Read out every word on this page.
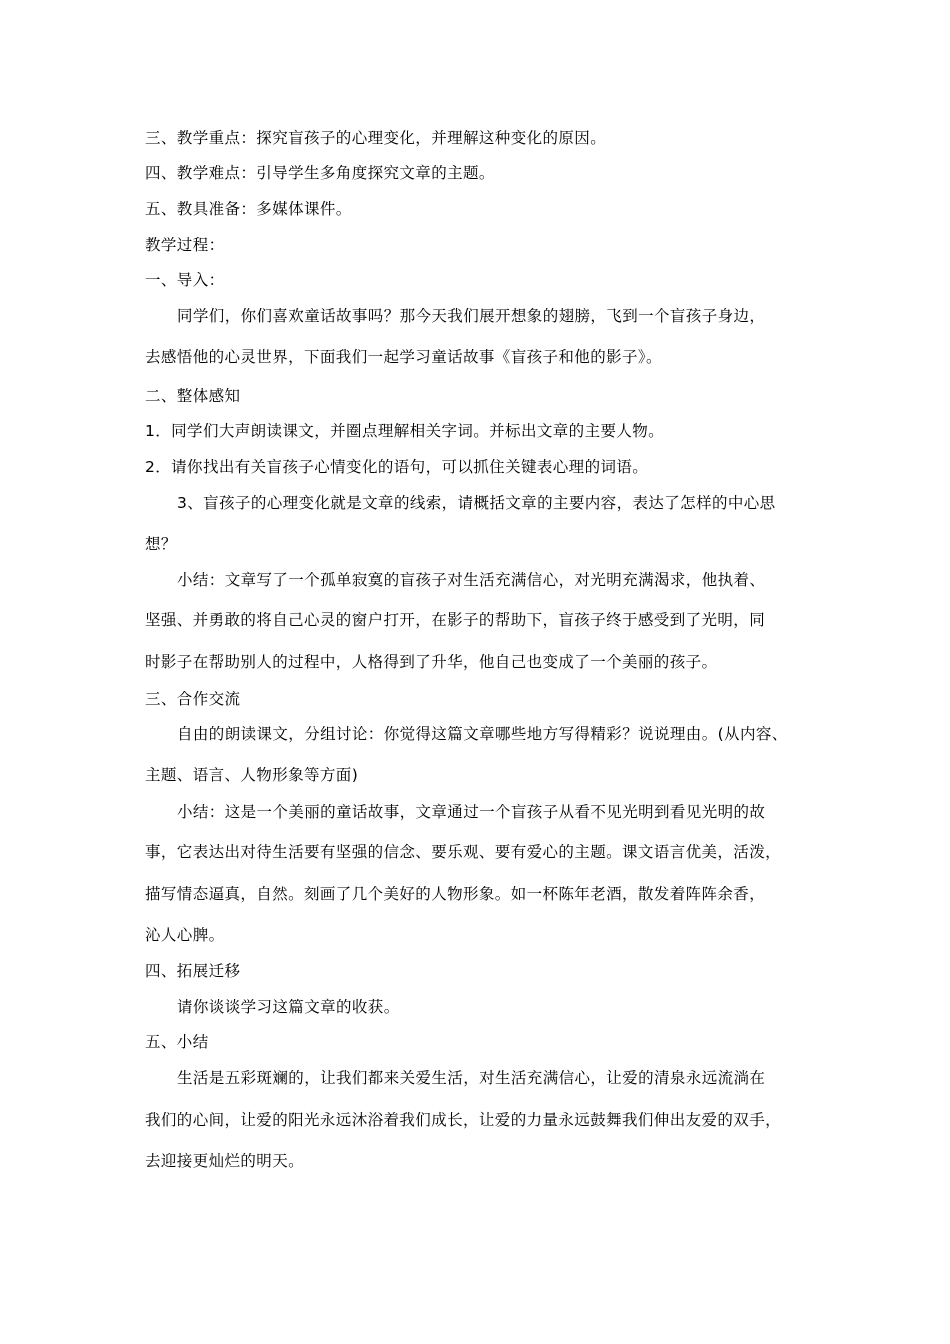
三、教学重点：探究盲孩子的心理变化，并理解这种变化的原因。
四、教学难点：引导学生多角度探究文章的主题。
五、教具准备：多媒体课件。
教学过程：
一、导入：
同学们，你们喜欢童话故事吗？那今天我们展开想象的翅膀，飞到一个盲孩子身边，
去感悟他的心灵世界，下面我们一起学习童话故事《盲孩子和他的影子》。
二、整体感知
1．同学们大声朗读课文，并圈点理解相关字词。并标出文章的主要人物。
2．请你找出有关盲孩子心情变化的语句，可以抓住关键表心理的词语。
3、盲孩子的心理变化就是文章的线索，请概括文章的主要内容，表达了怎样的中心思
想？
小结：文章写了一个孤单寂寞的盲孩子对生活充满信心，对光明充满渴求，他执着、
坚强、并勇敢的将自己心灵的窗户打开，在影子的帮助下，盲孩子终于感受到了光明，同
时影子在帮助别人的过程中，人格得到了升华，他自己也变成了一个美丽的孩子。
三、合作交流
自由的朗读课文，分组讨论：你觉得这篇文章哪些地方写得精彩？说说理由。(从内容、
主题、语言、人物形象等方面)
小结：这是一个美丽的童话故事，文章通过一个盲孩子从看不见光明到看见光明的故
事，它表达出对待生活要有坚强的信念、要乐观、要有爱心的主题。课文语言优美，活泼，
描写情态逼真，自然。刻画了几个美好的人物形象。如一杯陈年老酒，散发着阵阵余香，
沁人心脾。
四、拓展迁移
请你谈谈学习这篇文章的收获。
五、小结
生活是五彩斑斓的，让我们都来关爱生活，对生活充满信心，让爱的清泉永远流淌在
我们的心间，让爱的阳光永远沐浴着我们成长，让爱的力量永远鼓舞我们伸出友爱的双手，
去迎接更灿烂的明天。
